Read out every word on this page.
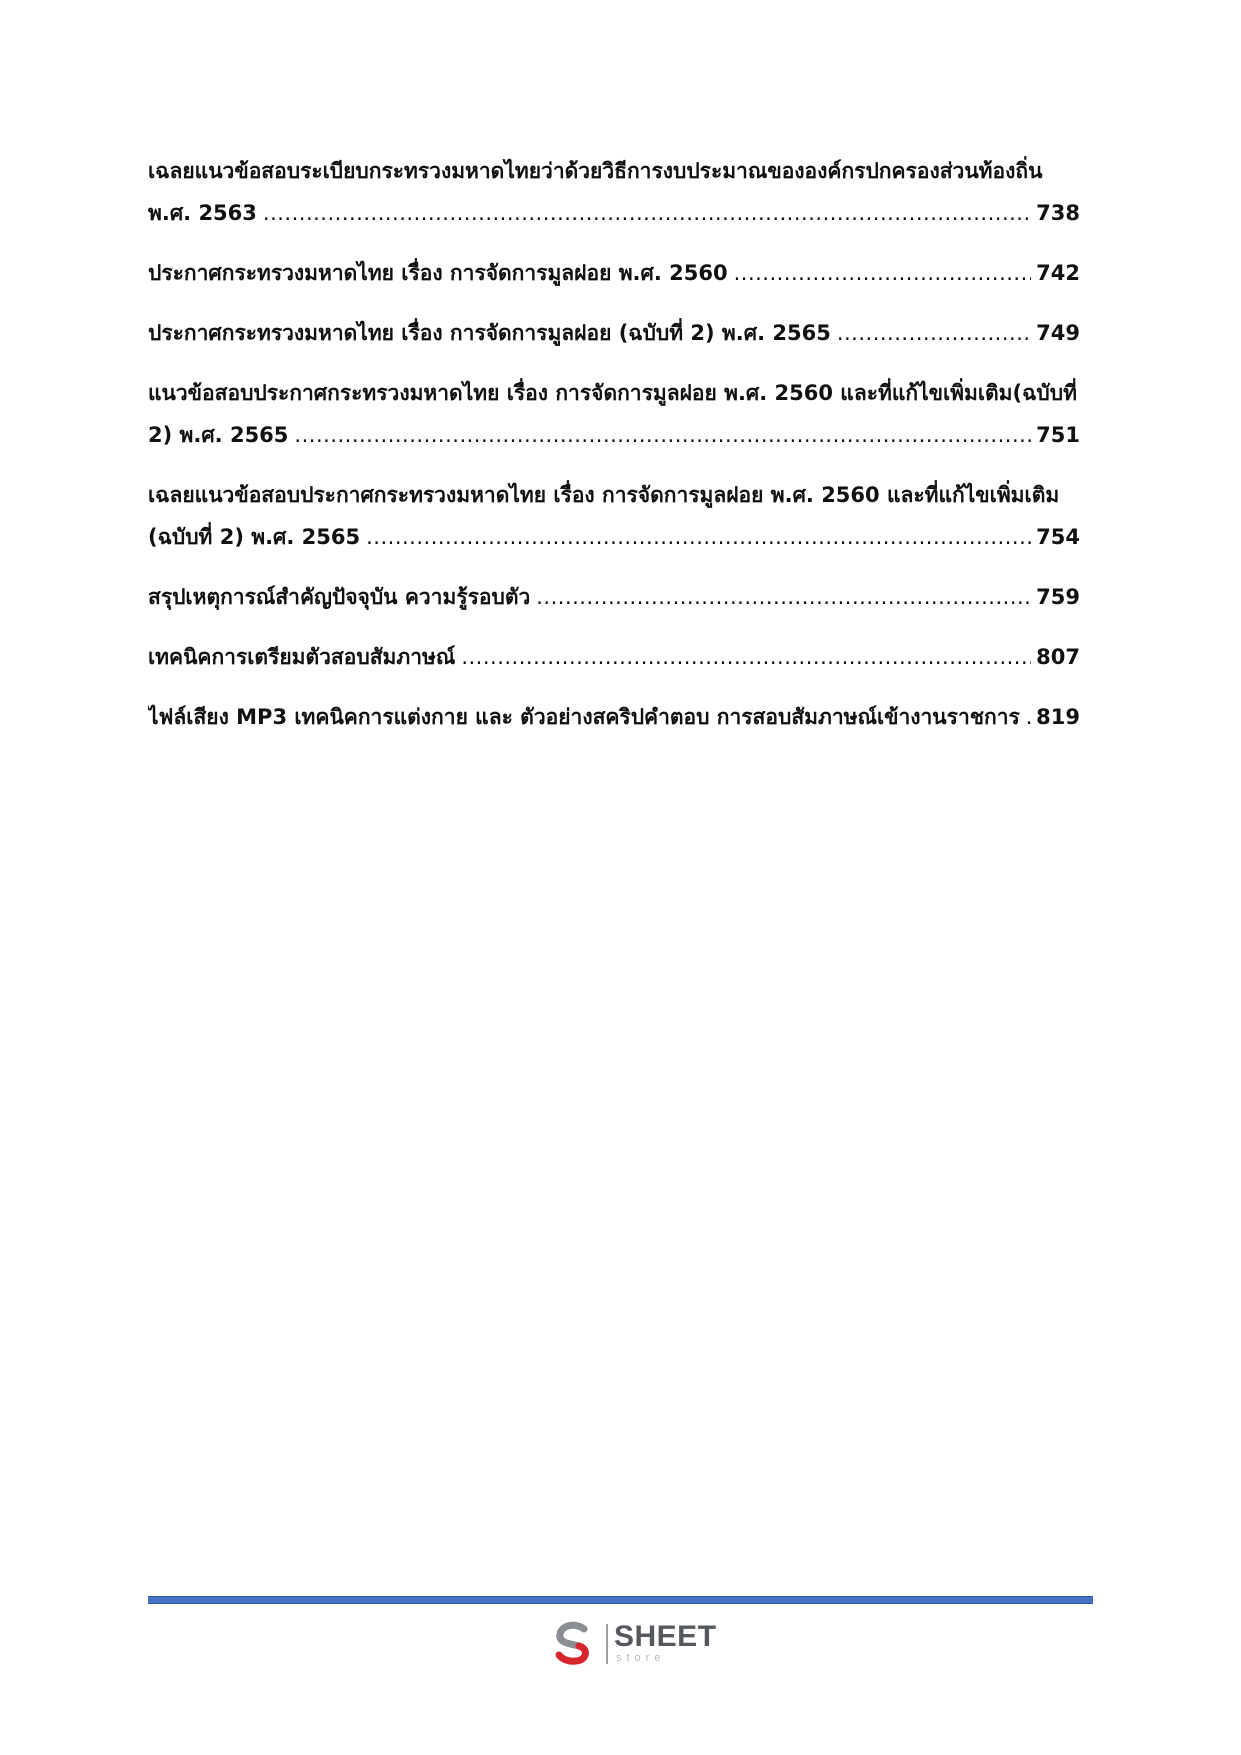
เฉลยแนวข้อสอบระเบียบกระทรวงมหาดไทยว่าด้วยวิธีการงบประมาณขององค์กรปกครองส่วนท้องถิ่น
พ.ศ. 2563 .....	738
ประกาศกระทรวงมหาดไทย เรื่อง การจัดการมูลฝอย พ.ศ. 2560 .....	742
ประกาศกระทรวงมหาดไทย เรื่อง การจัดการมูลฝอย (ฉบับที่ 2) พ.ศ. 2565 .....	749
แนวข้อสอบประกาศกระทรวงมหาดไทย เรื่อง การจัดการมูลฝอย พ.ศ. 2560 และที่แก้ไขเพิ่มเติม(ฉบับที่
2) พ.ศ. 2565 .....	751
เฉลยแนวข้อสอบประกาศกระทรวงมหาดไทย เรื่อง การจัดการมูลฝอย พ.ศ. 2560 และที่แก้ไขเพิ่มเติม
(ฉบับที่ 2) พ.ศ. 2565 .....	754
สรุปเหตุการณ์สำคัญปัจจุบัน ความรู้รอบตัว .....	759
เทคนิคการเตรียมตัวสอบสัมภาษณ์ .....	807
ไฟล์เสียง MP3 เทคนิคการแต่งกาย และ ตัวอย่างสคริปคำตอบ การสอบสัมภาษณ์เข้างานราชการ ..... 819
SHEET
store
